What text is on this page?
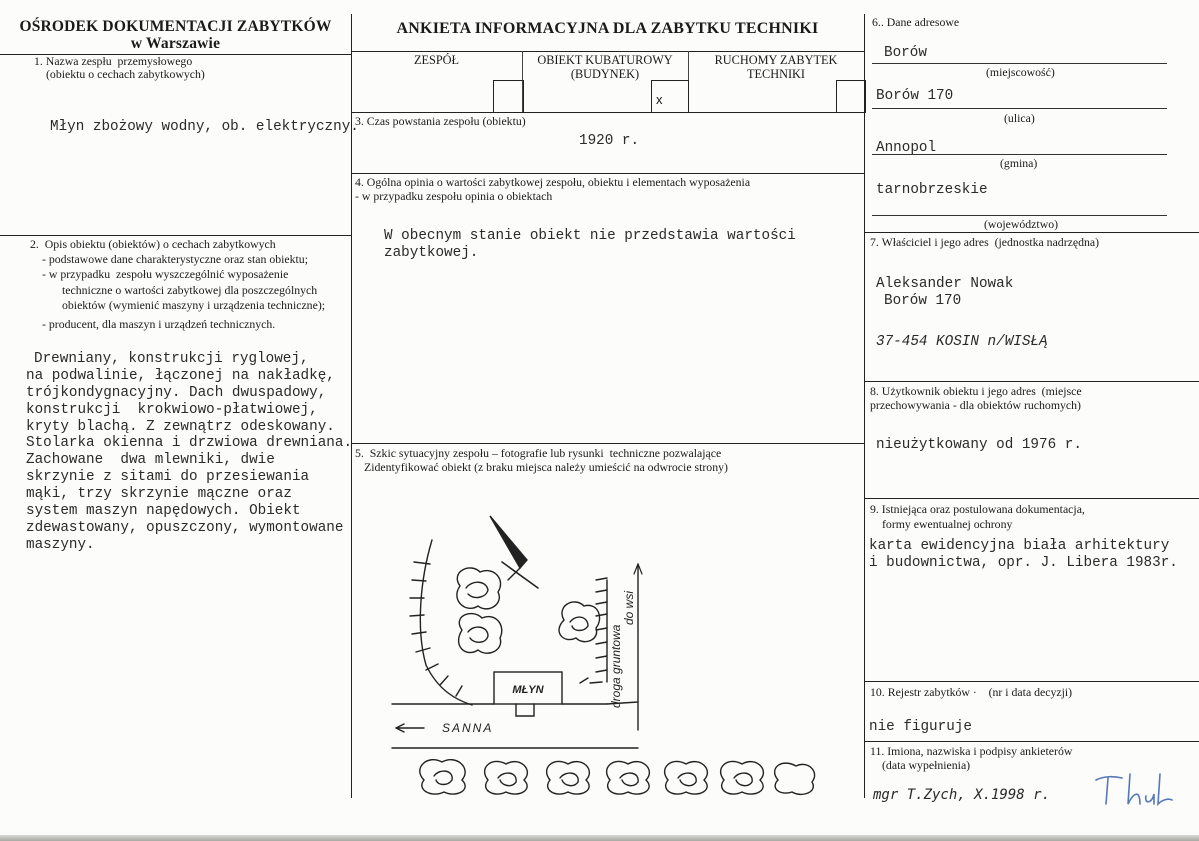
x
OŚRODEK DOKUMENTACJI ZABYTKÓW
w Warszawie
ANKIETA INFORMACYJNA DLA ZABYTKU TECHNIKI
ZESPÓŁ	OBIEKT KUBATUROWY
(BUDYNEK)
RUCHOMY ZABYTEK
TECHNIKI
1. Nazwa zespłu  przemysłowego
(obiektu o cechach zabytkowych)
Młyn zbożowy wodny, ob. elektryczny.
2.  Opis obiektu (obiektów) o cechach zabytkowych
- podstawowe dane charakterystyczne oraz stan obiektu;
- w przypadku  zespołu wyszczególnić wyposażenie
techniczne o wartości zabytkowej dla poszczególnych
obiektów (wymienić maszyny i urządzenia techniczne);
- producent, dla maszyn i urządzeń technicznych.
Drewniany, konstrukcji ryglowej,
na podwalinie, łączonej na nakładkę,
trójkondygnacyjny. Dach dwuspadowy,
konstrukcji  krokwiowo-płatwiowej,
kryty blachą. Z zewnątrz odeskowany.
Stolarka okienna i drzwiowa drewniana.
Zachowane  dwa mlewniki, dwie
skrzynie z sitami do przesiewania
mąki, trzy skrzynie mączne oraz
system maszyn napędowych. Obiekt
zdewastowany, opuszczony, wymontowane
maszyny.
3. Czas powstania zespołu (obiektu)
1920 r.
4. Ogólna opinia o wartości zabytkowej zespołu, obiektu i elementach wyposażenia
- w przypadku zespołu opinia o obiektach
W obecnym stanie obiekt nie przedstawia wartości
zabytkowej.
5.  Szkic sytuacyjny zespołu – fotografie lub rysunki  techniczne pozwalające
Zidentyfikować obiekt (z braku miejsca należy umieścić na odwrocie strony)
MŁYN
SANNA
droga gruntowa
do wsi
6.. Dane adresowe
Borów
(miejscowość)
Borów 170
(ulica)
Annopol
(gmina)
tarnobrzeskie
(województwo)
7. Właściciel i jego adres  (jednostka nadrzędna)
Aleksander Nowak
Borów 170
37-454 KOSIN n/WISŁĄ
8. Użytkownik obiektu i jego adres  (miejsce
przechowywania - dla obiektów ruchomych)
nieużytkowany od 1976 r.
9. Istniejąca oraz postulowana dokumentacja,
formy ewentualnej ochrony
karta ewidencyjna biała arhitektury
i budownictwa, opr. J. Libera 1983r.
10. Rejestr zabytków ·    (nr i data decyzji)
nie figuruje
11. Imiona, nazwiska i podpisy ankieterów
(data wypełnienia)
mgr T.Zych, X.1998 r.
